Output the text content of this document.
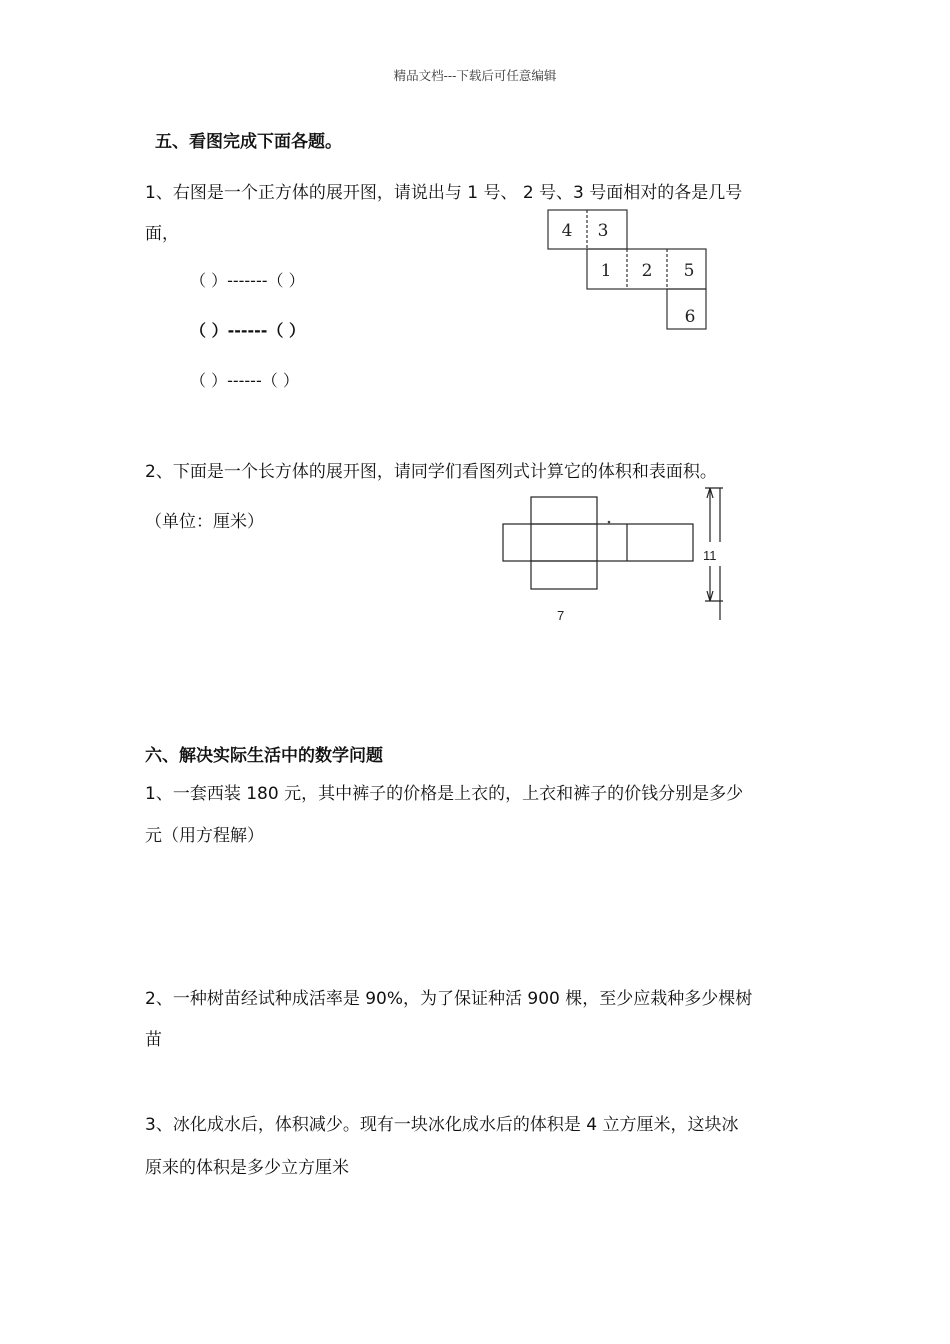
精品文档---下载后可任意编辑
五、看图完成下面各题。
1、右图是一个正方体的展开图，请说出与 1 号、 2 号、3 号面相对的各是几号
面，
（ ）-------（ ）
（ ）------（ ）
（ ）------（ ）
4 3
1 2 5
6
2、下面是一个长方体的展开图，请同学们看图列式计算它的体积和表面积。
（单位：厘米）
11
7
六、解决实际生活中的数学问题
1、一套西装 180 元，其中裤子的价格是上衣的，上衣和裤子的价钱分别是多少
元（用方程解）
2、一种树苗经试种成活率是 90%，为了保证种活 900 棵，至少应栽种多少棵树
苗
3、冰化成水后，体积减少。现有一块冰化成水后的体积是 4 立方厘米，这块冰
原来的体积是多少立方厘米
